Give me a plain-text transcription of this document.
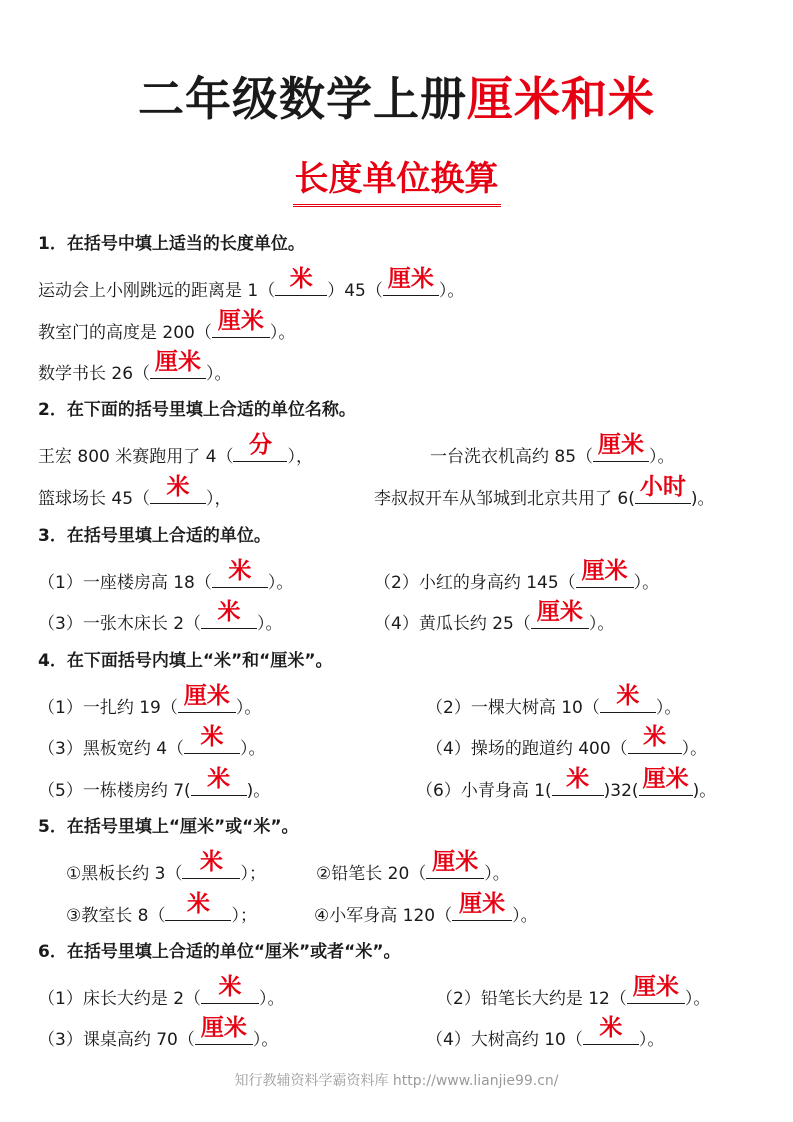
二年级数学上册厘米和米
长度单位换算
1．在括号中填上适当的长度单位。
运动会上小刚跳远的距离是 1（ 米 ）45（ 厘米 ）。
教室门的高度是 200（ 厘米 ）。
数学书长 26（ 厘米 ）。
2．在下面的括号里填上合适的单位名称。
王宏 800 米赛跑用了 4（ 分 ），	一台洗衣机高约 85（ 厘米 ）。
篮球场长 45（ 米 ），	李叔叔开车从邹城到北京共用了 6( 小时 )。
3．在括号里填上合适的单位。
（1）一座楼房高 18（ 米 ）。	（2）小红的身高约 145（ 厘米 ）。
（3）一张木床长 2（ 米 ）。	（4）黄瓜长约 25（ 厘米 ）。
4．在下面括号内填上“米”和“厘米”。
（1）一扎约 19（ 厘米 ）。	（2）一棵大树高 10（ 米 ）。
（3）黑板宽约 4（ 米 ）。	（4）操场的跑道约 400（ 米 ）。
（5）一栋楼房约 7( 米 )。	（6）小青身高 1( 米 )32( 厘米 )。
5．在括号里填上“厘米”或“米”。
①黑板长约 3（ 米	）；	②铅笔长 20（ 厘米 ）。
③教室长 8（ 米	）；	④小军身高 120（ 厘米 ）。
6．在括号里填上合适的单位“厘米”或者“米”。
（1）床长大约是 2（ 米	）。	（2）铅笔长大约是 12（ 厘米 ）。
（3）课桌高约 70（ 厘米 ）。	（4）大树高约 10（ 米 ）。
知行教辅资料学霸资料库 http://www.lianjie99.cn/
